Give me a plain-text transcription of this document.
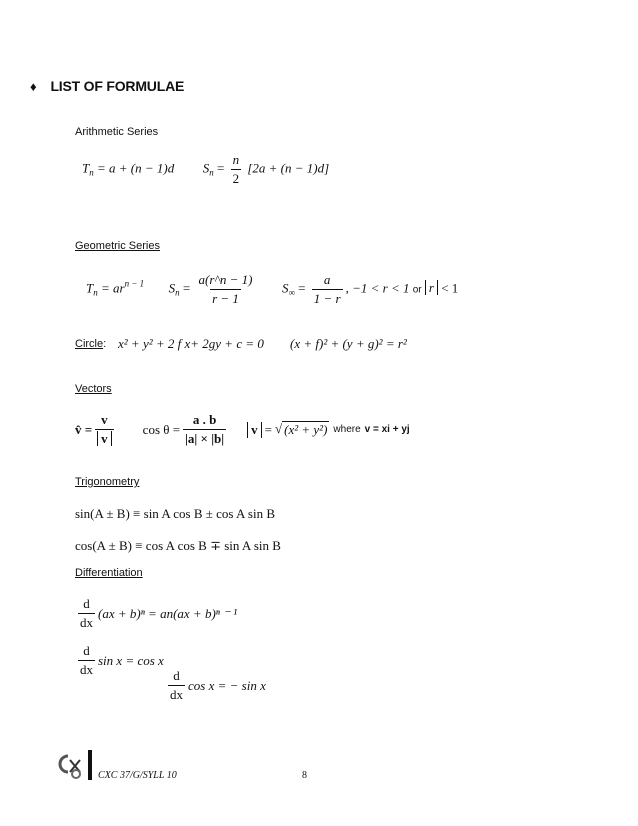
♦ LIST OF FORMULAE
Arithmetic Series
$T_n = a + (n - 1)d$ $S_n = \frac{n}{2} [2a + (n - 1)d]$
Geometric Series
$T_n = ar^{n - 1}$ $S_n = \frac{a(r\^{}n - 1)}{r - 1} S_\infty = \frac{a}{1 - r}$ , −1 < r < 1 or r < 1
Circle: x² + y² + 2 f x+ 2gy + c = 0 (x + f)² + (y + g)² = r²
Vectors
v̂ = $\frac{v}{v}$ $\cos \theta = \frac{a . b}{|a| \times |b|}$	v = √ (x² + y²) where v = xi + yj
Trigonometry
sin(A ± B) ≡ sin A cos B ± cos A sin B
cos(A ± B) ≡ cos A cos B ∓ sin A sin B
Differentiation
$\frac{d}{dx} (ax + b)^n = an(ax + b)^n$ ⁻ ¹
$\frac{d}{dx}$ sin x = cos x
$\frac{d}{dx}$ cos x = − sin x
CXC 37/G/SYLL 10	8
